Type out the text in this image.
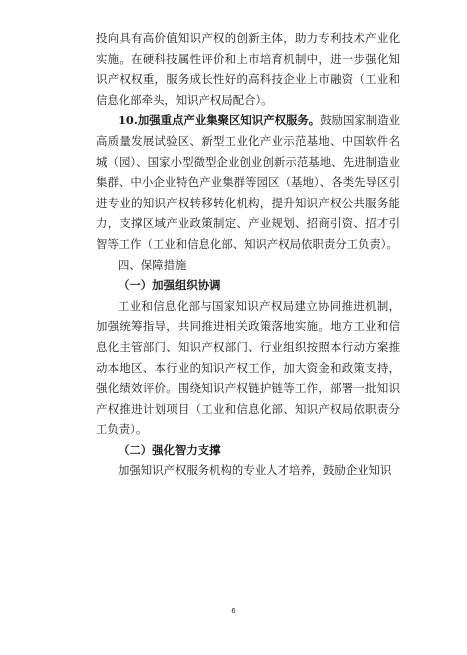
投向具有高价值知识产权的创新主体，助力专利技术产业化实施。在硬科技属性评价和上市培育机制中，进一步强化知识产权权重，服务成长性好的高科技企业上市融资（工业和信息化部牵头，知识产权局配合）。

10.加强重点产业集聚区知识产权服务。鼓励国家制造业高质量发展试验区、新型工业化产业示范基地、中国软件名城（园）、国家小型微型企业创业创新示范基地、先进制造业集群、中小企业特色产业集群等园区（基地）、各类先导区引进专业的知识产权转移转化机构，提升知识产权公共服务能力，支撑区域产业政策制定、产业规划、招商引资、招才引智等工作（工业和信息化部、知识产权局依职责分工负责）。

四、保障措施

（一）加强组织协调

工业和信息化部与国家知识产权局建立协同推进机制，加强统筹指导，共同推进相关政策落地实施。地方工业和信息化主管部门、知识产权部门、行业组织按照本行动方案推动本地区、本行业的知识产权工作，加大资金和政策支持，强化绩效评价。围绕知识产权链护链等工作，部署一批知识产权推进计划项目（工业和信息化部、知识产权局依职责分工负责）。

（二）强化智力支撑

加强知识产权服务机构的专业人才培养，鼓励企业知识

6
